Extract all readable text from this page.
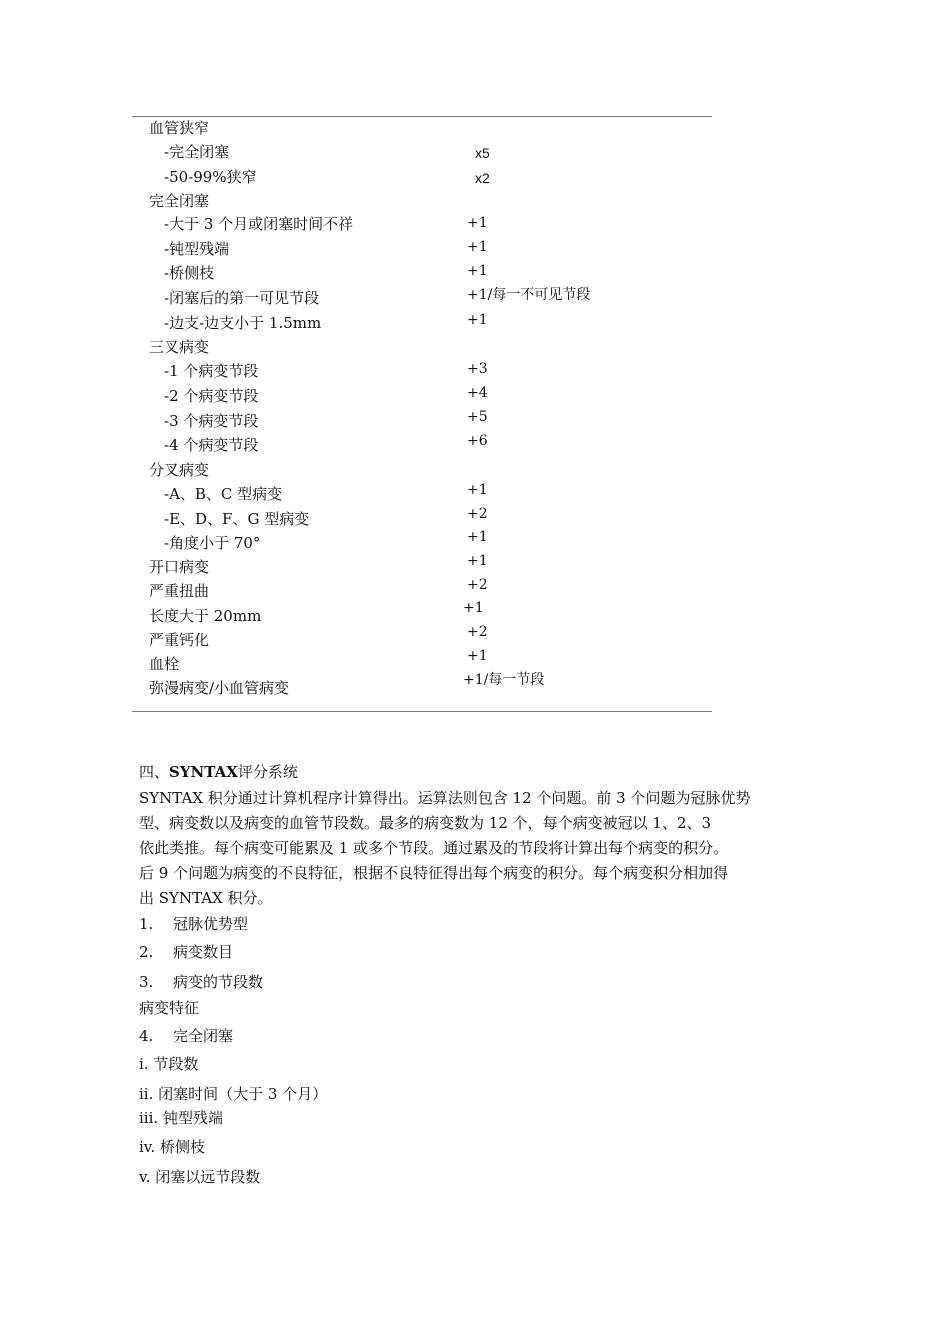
血管狭窄
-完全闭塞
-50-99%狭窄
完全闭塞
-大于 3 个月或闭塞时间不祥
-钝型残端
-桥侧枝
-闭塞后的第一可见节段
-边支-边支小于 1.5mm
三叉病变
-1 个病变节段
-2 个病变节段
-3 个病变节段
-4 个病变节段
分叉病变
-A、B、C 型病变
-E、D、F、G 型病变
-角度小于 70°
开口病变
严重扭曲
长度大于 20mm
严重钙化
血栓
弥漫病变/小血管病变
x5
x2
+1
+1
+1
+1/每一不可见节段
+1
+3
+4
+5
+6
+1
+2
+1
+1
+2
+1
+2
+1
+1/每一节段
四、SYNTAX评分系统
SYNTAX 积分通过计算机程序计算得出。运算法则包含 12 个问题。前 3 个问题为冠脉优势
型、病变数以及病变的血管节段数。最多的病变数为 12 个，每个病变被冠以 1、2、3
依此类推。每个病变可能累及 1 或多个节段。通过累及的节段将计算出每个病变的积分。
后 9 个问题为病变的不良特征，根据不良特征得出每个病变的积分。每个病变积分相加得
出 SYNTAX 积分。
1. 冠脉优势型
2. 病变数目
3. 病变的节段数
病变特征
4. 完全闭塞
i. 节段数
ii. 闭塞时间（大于 3 个月）
iii. 钝型残端
iv. 桥侧枝
v. 闭塞以远节段数
